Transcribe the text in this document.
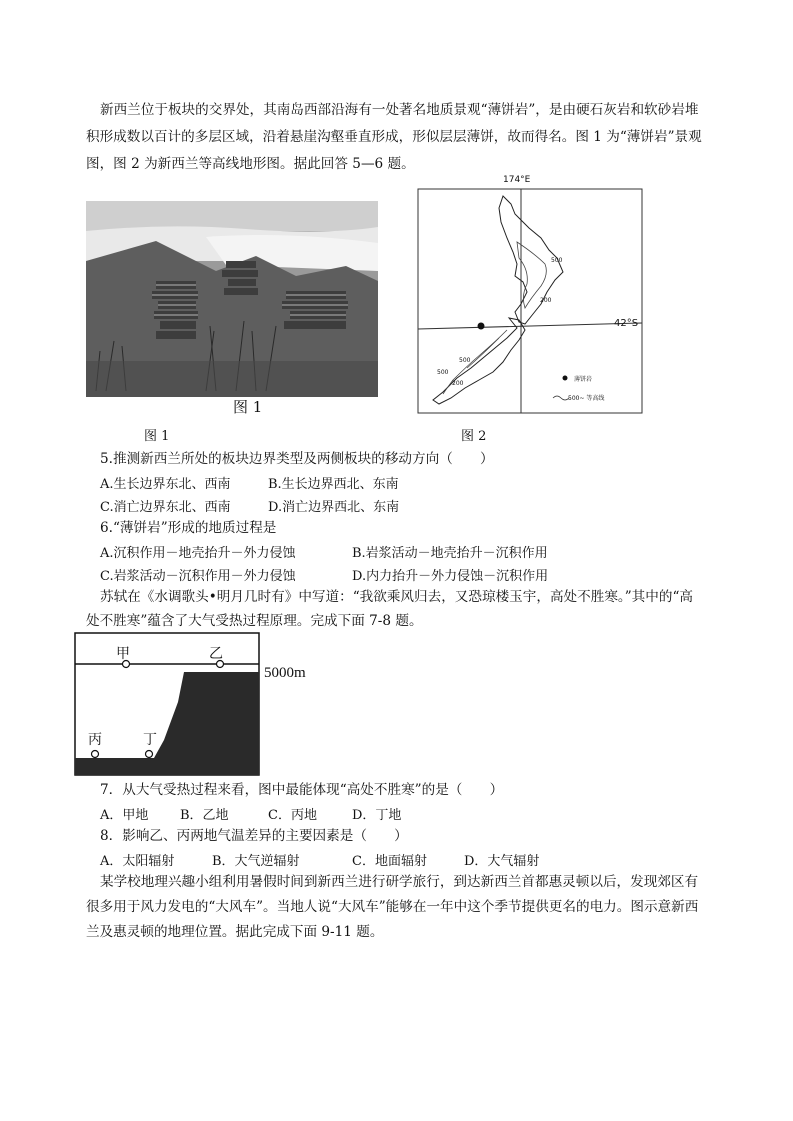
新西兰位于板块的交界处，其南岛西部沿海有一处著名地质景观“薄饼岩”，是由硬石灰岩和软砂岩堆
积形成数以百计的多层区域，沿着悬崖沟壑垂直形成，形似层层薄饼，故而得名。图 1 为“薄饼岩”景观
图，图 2 为新西兰等高线地形图。据此回答 5—6 题。
图 1
174°E
42°S
500
200
500
200
500
薄饼岩
500~ 等高线
图 1	图 2
5.推测新西兰所处的板块边界类型及两侧板块的移动方向（　　）
A.生长边界东北、西南	B.生长边界西北、东南
C.消亡边界东北、西南	D.消亡边界西北、东南
6.“薄饼岩”形成的地质过程是
A.沉积作用－地壳抬升－外力侵蚀	B.岩浆活动－地壳抬升－沉积作用
C.岩浆活动－沉积作用－外力侵蚀	D.内力抬升－外力侵蚀－沉积作用
苏轼在《水调歌头•明月几时有》中写道：“我欲乘风归去，又恐琼楼玉宇，高处不胜寒。”其中的“高
处不胜寒”蕴含了大气受热过程原理。完成下面 7-8 题。
甲	乙
丙	丁
5000m
7．从大气受热过程来看，图中最能体现“高处不胜寒”的是（　　）
A．甲地 B．乙地	C．丙地	D．丁地
8．影响乙、丙两地气温差异的主要因素是（　　）
A．太阳辐射	B．大气逆辐射	C．地面辐射	D．大气辐射
某学校地理兴趣小组利用暑假时间到新西兰进行研学旅行，到达新西兰首都惠灵顿以后，发现郊区有
很多用于风力发电的“大风车”。当地人说“大风车”能够在一年中这个季节提供更名的电力。图示意新西
兰及惠灵顿的地理位置。据此完成下面 9-11 题。
